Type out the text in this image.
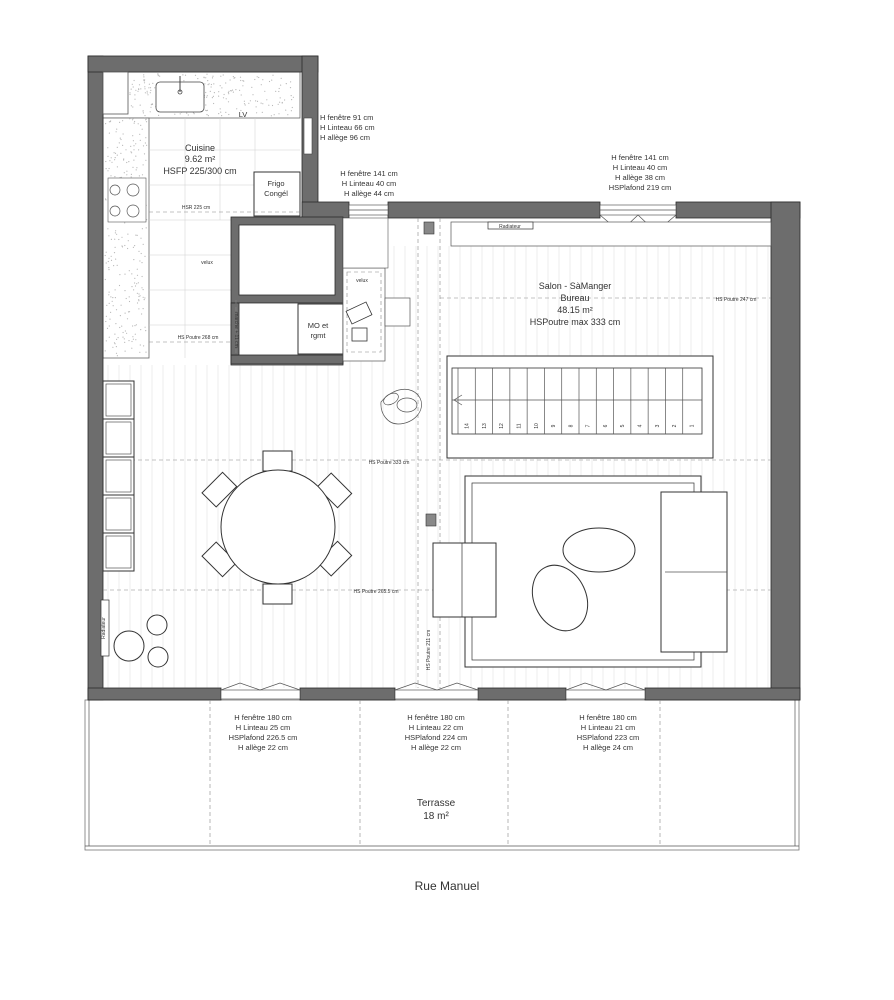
14 13 12 11 10 9 8 7 6 5 4 3 2 1
Cuisine
9.62 m²
HSFP 225/300 cm
Salon - SàManger
Bureau
48.15 m²
HSPoutre max 333 cm
Terrasse
18 m²
Rue Manuel
LV
Frigo
Congél
MO et
rgmt
Radiateur
velux
velux
marche + 11 cm
Radiateur
HSR 225 cm
HS Poutre 268 cm
HS Poutre 247 cm
HS Poutre 333 cm
HS Poutre 265.5 cm
HS Poutre 211 cm
H fenêtre 91 cm
H Linteau 66 cm
H allège 96 cm
H fenêtre 141 cm
H Linteau 40 cm
H allège 44 cm
H fenêtre 141 cm
H Linteau 40 cm
H allège 38 cm
HSPlafond 219 cm
H fenêtre 180 cm
H Linteau 25 cm
HSPlafond 226.5 cm
H allège 22 cm
H fenêtre 180 cm
H Linteau 22 cm
HSPlafond 224 cm
H allège 22 cm
H fenêtre 180 cm
H Linteau 21 cm
HSPlafond 223 cm
H allège 24 cm
